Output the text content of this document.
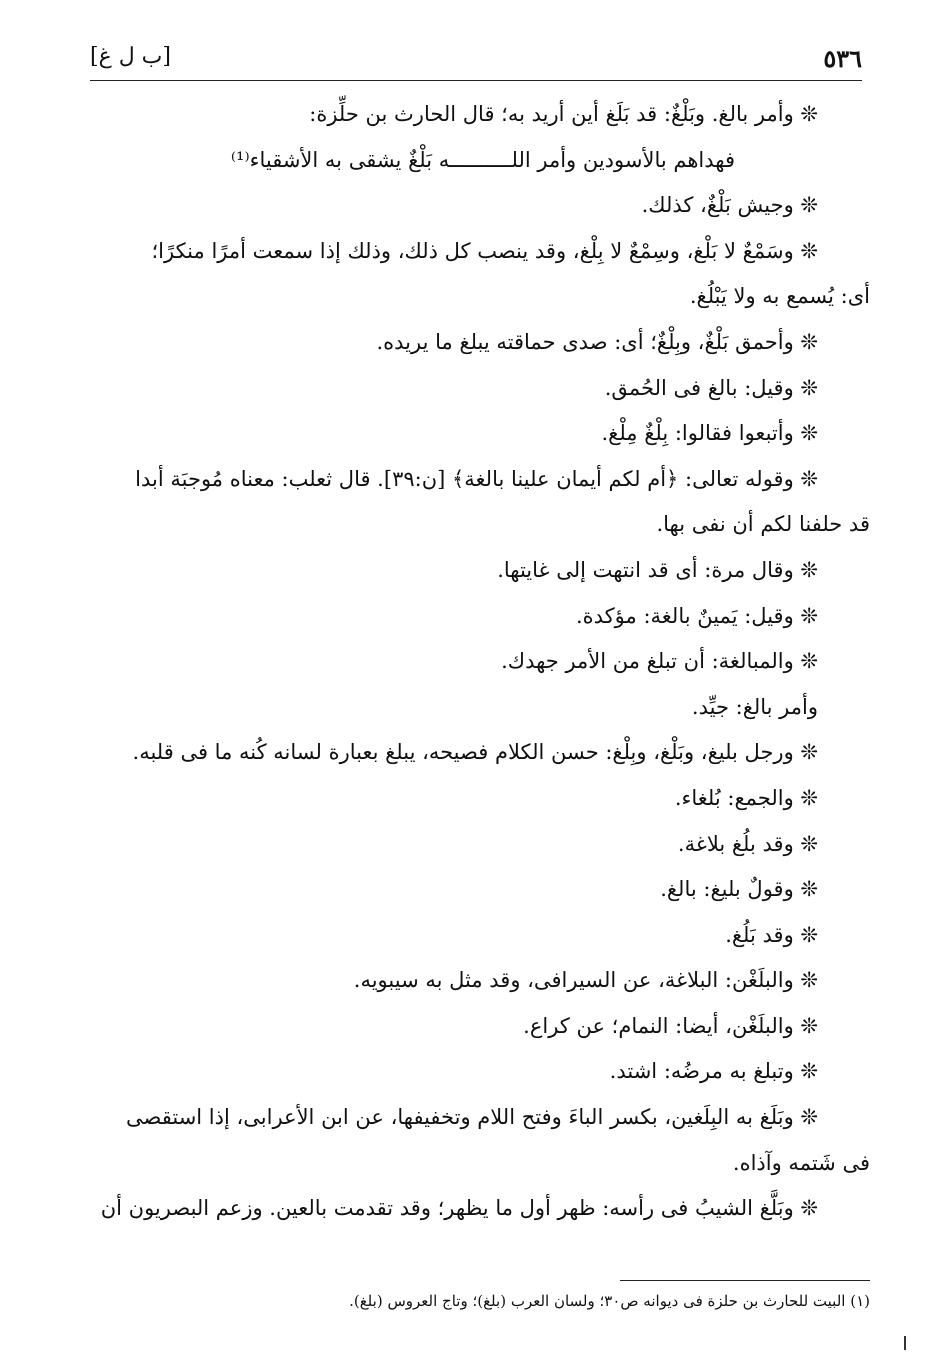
٥٣٦
[ب ل غ]
❊ وأمر بالغ. وبَلْغٌ: قد بَلَغ أين أريد به؛ قال الحارث بن حلِّزة:
فهداهم بالأسودين وأمر اللــــــــــه بَلْغٌ يشقى به الأشقياء⁽¹⁾
❊ وجيش بَلْغٌ، كذلك.
❊ وسَمْعٌ لا بَلْغ، وسِمْعٌ لا بِلْغ، وقد ينصب كل ذلك، وذلك إذا سمعت أمرًا منكرًا؛
أى: يُسمع به ولا يَبْلُغ.
❊ وأحمق بَلْغٌ، وبِلْغٌ؛ أى: صدى حماقته يبلغ ما يريده.
❊ وقيل: بالغ فى الحُمق.
❊ وأتبعوا فقالوا: بِلْغٌ مِلْغ.
❊ وقوله تعالى: ﴿أم لكم أيمان علينا بالغة﴾ [ن:٣٩]. قال ثعلب: معناه مُوجبَة أبدا
قد حلفنا لكم أن نفى بها.
❊ وقال مرة: أى قد انتهت إلى غايتها.
❊ وقيل: يَمينٌ بالغة: مؤكدة.
❊ والمبالغة: أن تبلغ من الأمر جهدك.
وأمر بالغ: جيِّد.
❊ ورجل بليغ، وبَلْغ، وبِلْغ: حسن الكلام فصيحه، يبلغ بعبارة لسانه كُنه ما فى قلبه.
❊ والجمع: بُلغاء.
❊ وقد بلُغ بلاغة.
❊ وقولٌ بليغ: بالغ.
❊ وقد بَلُغ.
❊ والبلَغْن: البلاغة، عن السيرافى، وقد مثل به سيبويه.
❊ والبلَغْن، أيضا: النمام؛ عن كراع.
❊ وتبلغ به مرضُه: اشتد.
❊ وبَلَغ به البِلَغين، بكسر الباءَ وفتح اللام وتخفيفها، عن ابن الأعرابى، إذا استقصى
فى شَتمه وآذاه.
❊ وبَلَّغ الشيبُ فى رأسه: ظهر أول ما يظهر؛ وقد تقدمت بالعين. وزعم البصريون أن
(١) البيت للحارث بن حلزة فى ديوانه ص٣٠؛ ولسان العرب (بلغ)؛ وتاج العروس (بلغ).
